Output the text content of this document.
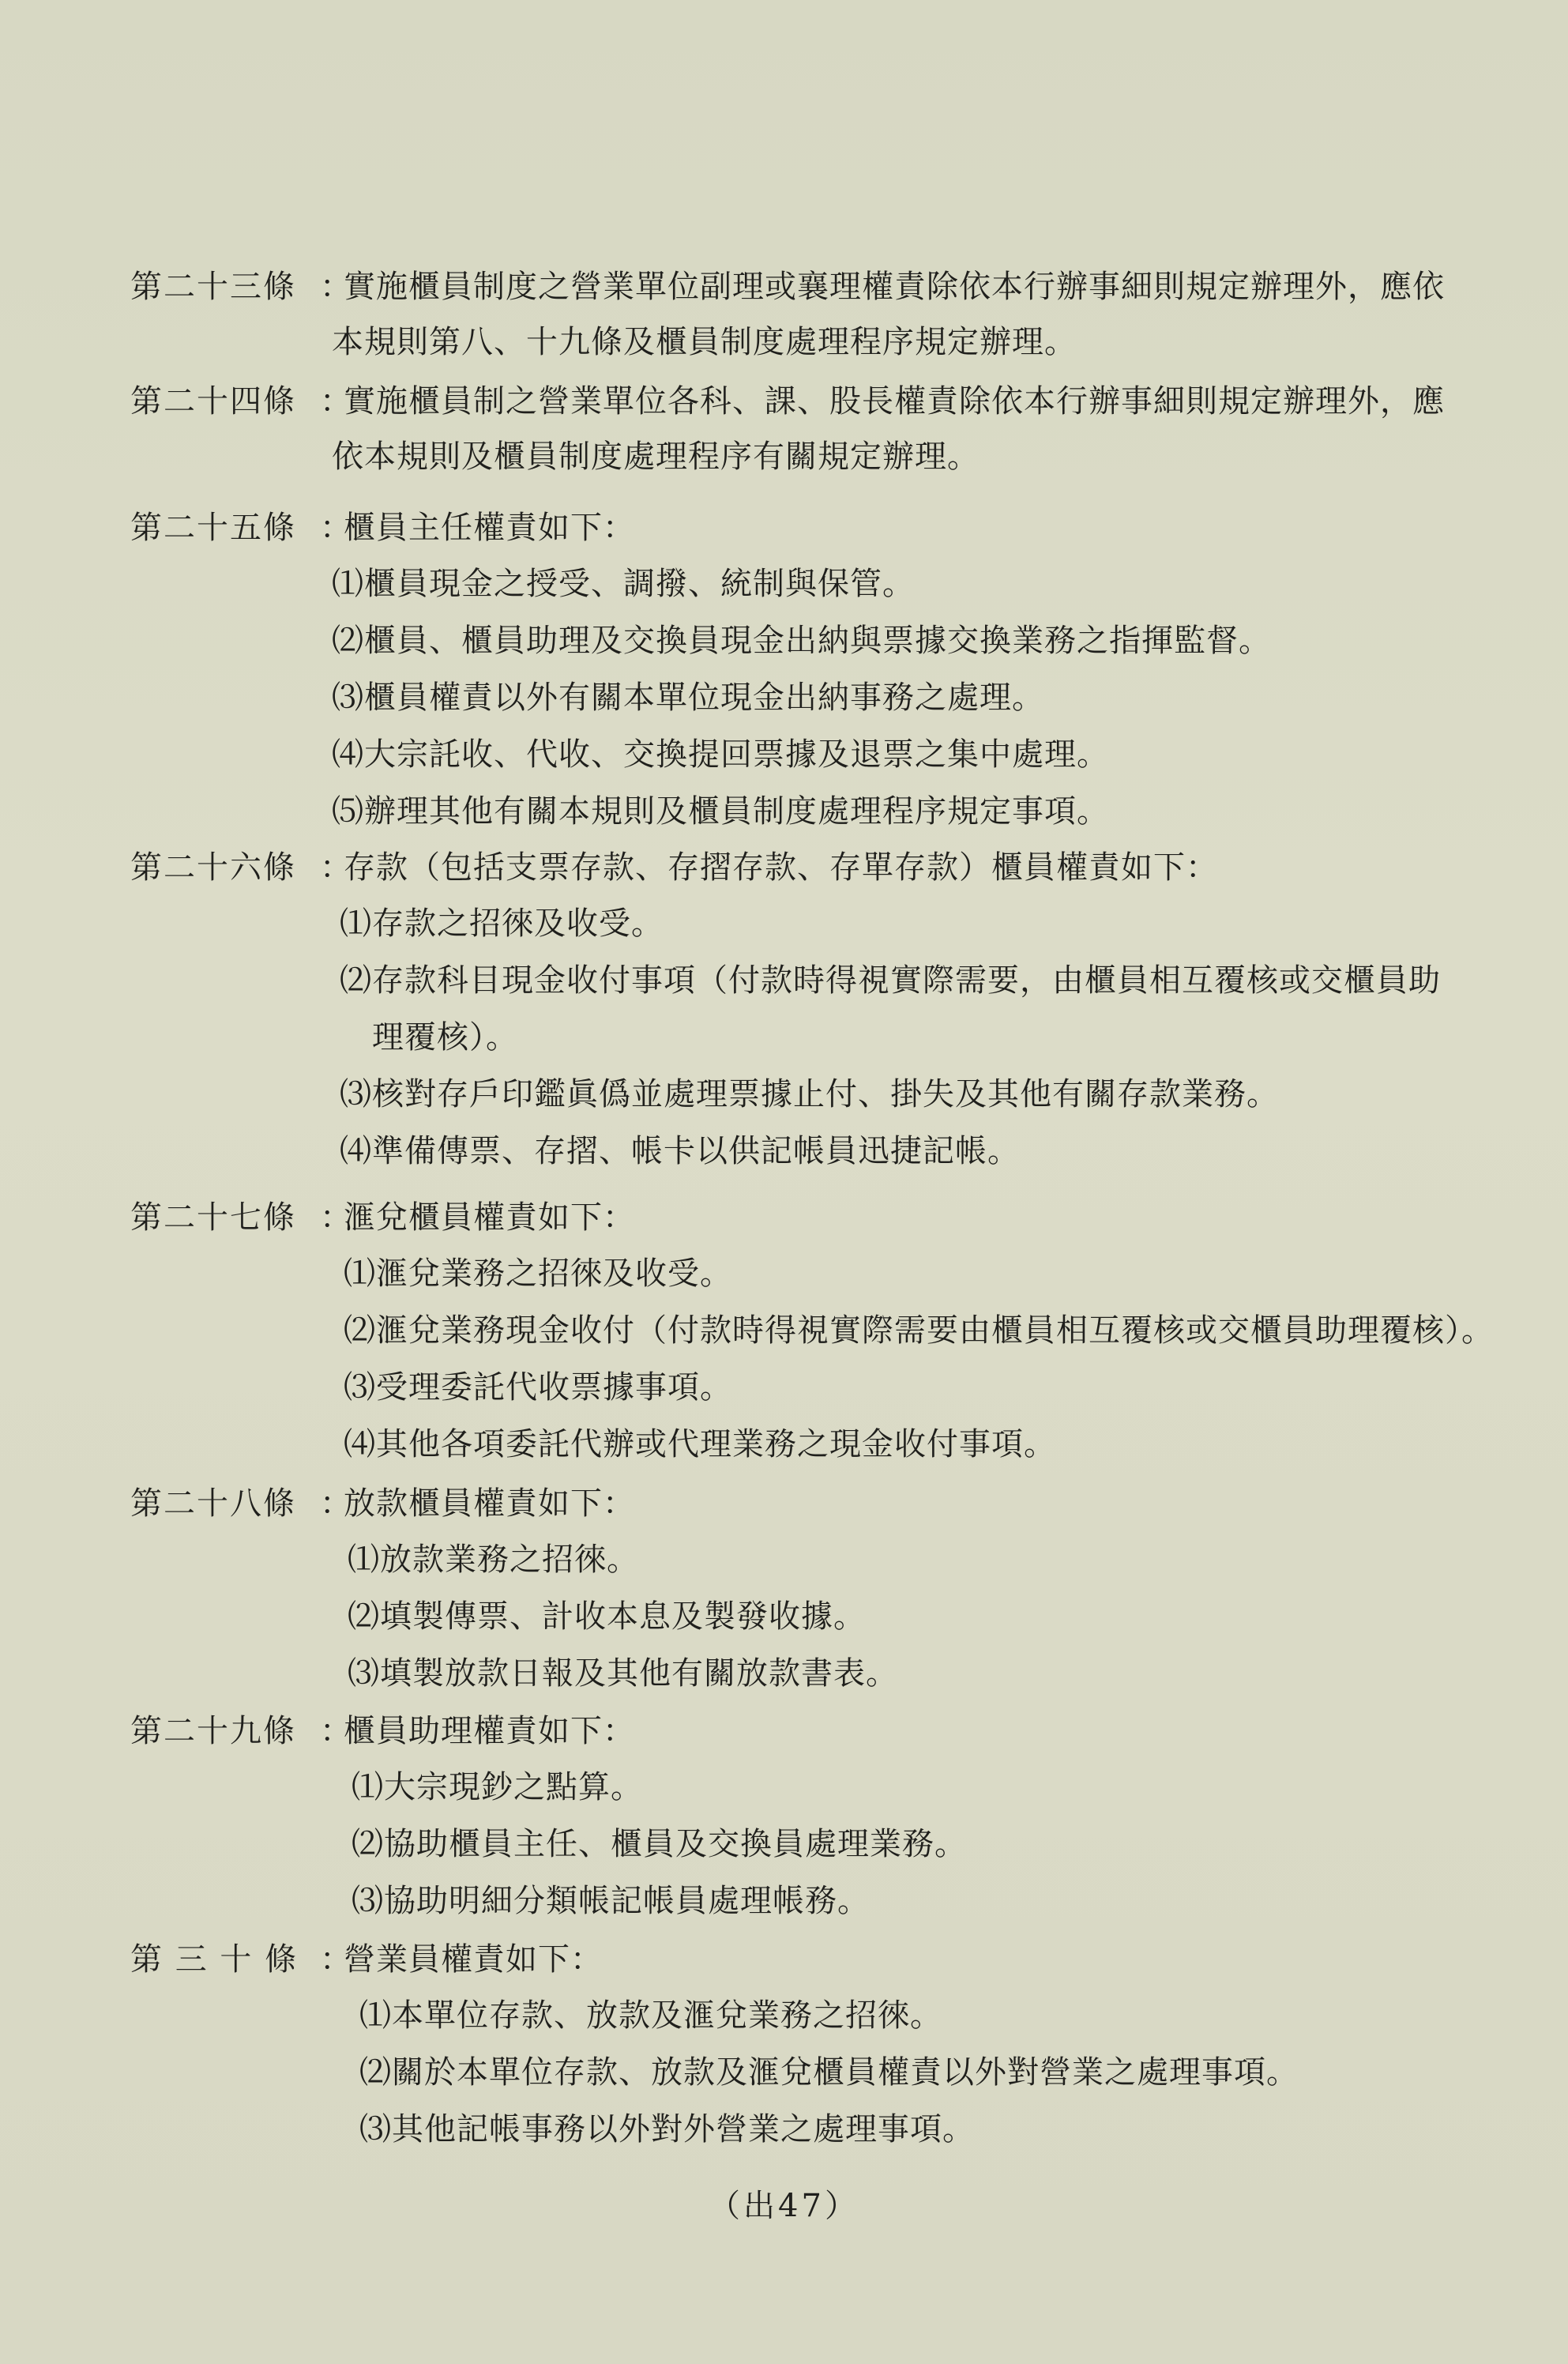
第二十三條 ：
實施櫃員制度之營業單位副理或襄理權責除依本行辦事細則規定辦理外，應依
本規則第八、十九條及櫃員制度處理程序規定辦理。
第二十四條 ：
實施櫃員制之營業單位各科、課、股長權責除依本行辦事細則規定辦理外，應
依本規則及櫃員制度處理程序有關規定辦理。
第二十五條 ：
櫃員主任權責如下：
⑴櫃員現金之授受、調撥、統制與保管。
⑵櫃員、櫃員助理及交換員現金出納與票據交換業務之指揮監督。
⑶櫃員權責以外有關本單位現金出納事務之處理。
⑷大宗託收、代收、交換提回票據及退票之集中處理。
⑸辦理其他有關本規則及櫃員制度處理程序規定事項。
第二十六條 ：
存款（包括支票存款、存摺存款、存單存款）櫃員權責如下：
⑴存款之招徠及收受。
⑵存款科目現金收付事項（付款時得視實際需要，由櫃員相互覆核或交櫃員助
　理覆核）。
⑶核對存戶印鑑眞僞並處理票據止付、掛失及其他有關存款業務。
⑷準備傳票、存摺、帳卡以供記帳員迅捷記帳。
第二十七條 ：
滙兌櫃員權責如下：
⑴滙兌業務之招徠及收受。
⑵滙兌業務現金收付（付款時得視實際需要由櫃員相互覆核或交櫃員助理覆核）。
⑶受理委託代收票據事項。
⑷其他各項委託代辦或代理業務之現金收付事項。
第二十八條 ：
放款櫃員權責如下：
⑴放款業務之招徠。
⑵填製傳票、計收本息及製發收據。
⑶填製放款日報及其他有關放款書表。
第二十九條 ：
櫃員助理權責如下：
⑴大宗現鈔之點算。
⑵協助櫃員主任、櫃員及交換員處理業務。
⑶協助明細分類帳記帳員處理帳務。
第 三 十 條 ：
營業員權責如下：
⑴本單位存款、放款及滙兌業務之招徠。
⑵關於本單位存款、放款及滙兌櫃員權責以外對營業之處理事項。
⑶其他記帳事務以外對外營業之處理事項。
（出47）
